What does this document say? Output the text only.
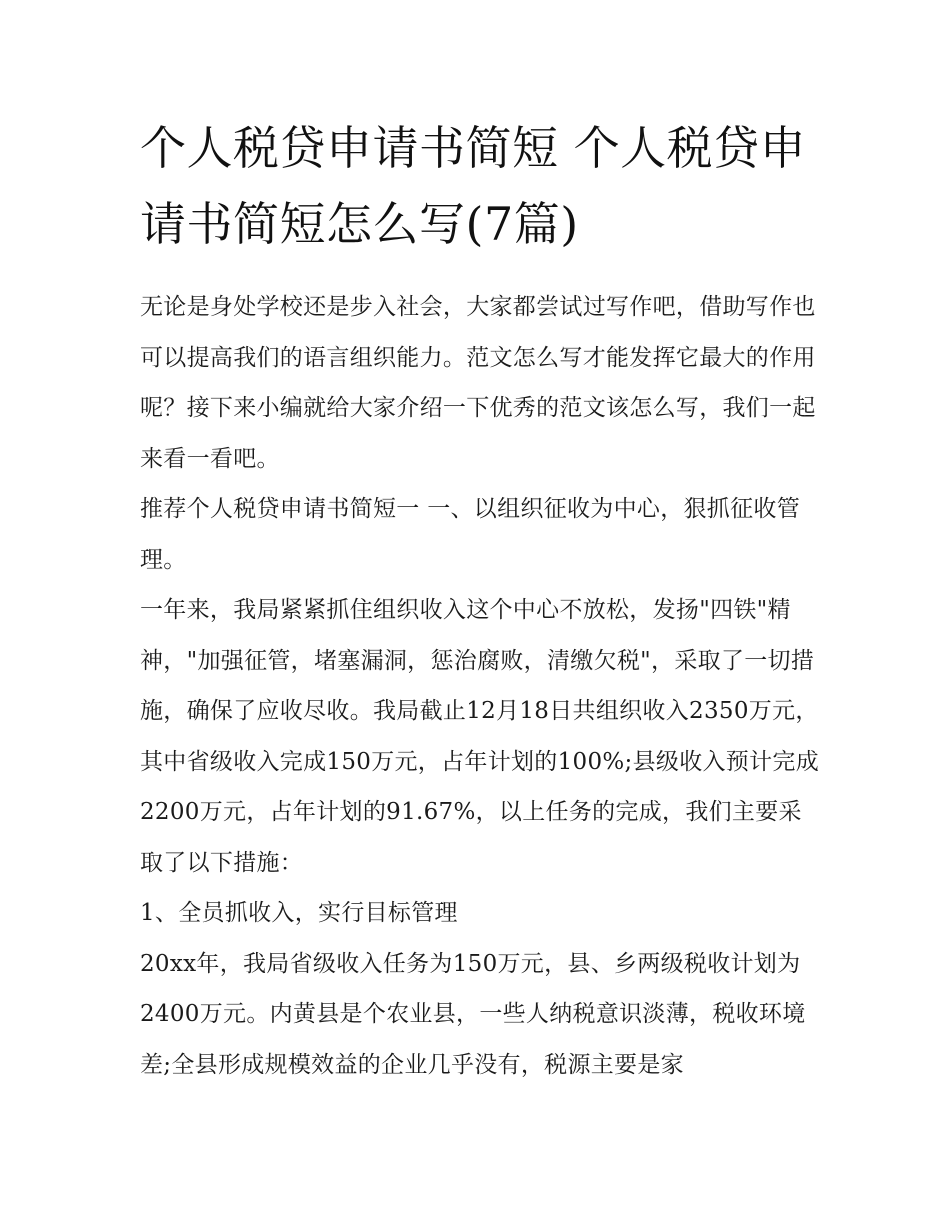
个人税贷申请书简短 个人税贷申请书简短怎么写(7篇)

无论是身处学校还是步入社会，大家都尝试过写作吧，借助写作也可以提高我们的语言组织能力。范文怎么写才能发挥它最大的作用呢？接下来小编就给大家介绍一下优秀的范文该怎么写，我们一起来看一看吧。

推荐个人税贷申请书简短一 一、以组织征收为中心，狠抓征收管理。

一年来，我局紧紧抓住组织收入这个中心不放松，发扬"四铁"精神，"加强征管，堵塞漏洞，惩治腐败，清缴欠税"，采取了一切措施，确保了应收尽收。我局截止12月18日共组织收入2350万元，其中省级收入完成150万元，占年计划的100%;县级收入预计完成2200万元，占年计划的91.67%，以上任务的完成，我们主要采取了以下措施：

1、全员抓收入，实行目标管理

20xx年，我局省级收入任务为150万元，县、乡两级税收计划为2400万元。内黄县是个农业县，一些人纳税意识淡薄，税收环境差;全县形成规模效益的企业几乎没有，税源主要是家
